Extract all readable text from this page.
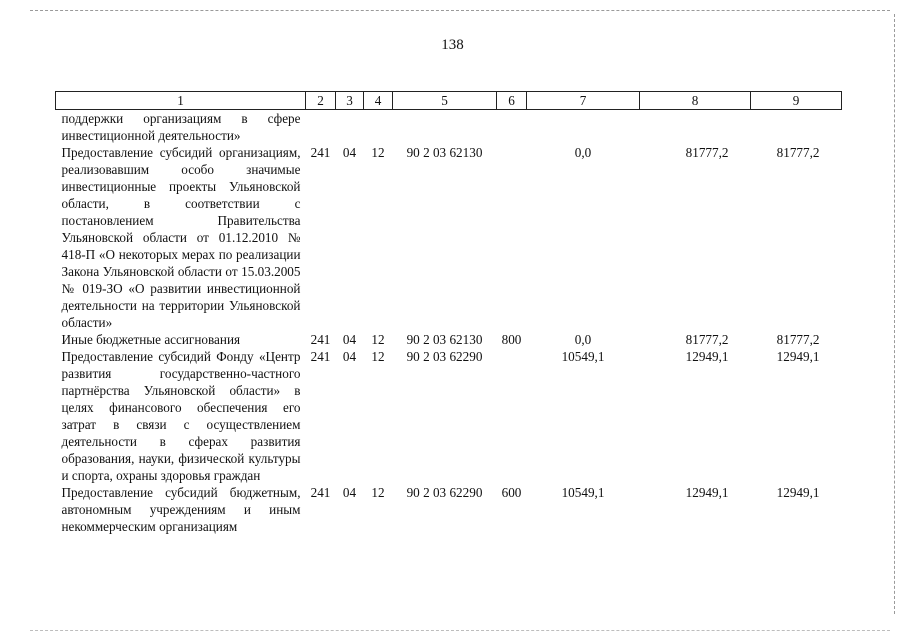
138
1	2	3	4	5	6	7	8	9
поддержки организациям в сфере инвестиционной деятельности»								
Предоставление субсидий организациям, реализовавшим особо значимые инвестиционные проекты Ульяновской области, в соответствии с постановлением Правительства Ульяновской области от 01.12.2010 № 418-П «О некоторых мерах по реализации Закона Ульяновской области от 15.03.2005 № 019-ЗО «О развитии инвестиционной деятельности на территории Ульяновской области»	241	04	12	90 2 03 62130		0,0	81777,2	81777,2
Иные бюджетные ассигнования	241	04	12	90 2 03 62130	800	0,0	81777,2	81777,2
Предоставление субсидий Фонду «Центр развития государственно-частного партнёрства Ульяновской области» в целях финансового обеспечения его затрат в связи с осуществлением деятельности в сферах развития образования, науки, физической культуры и спорта, охраны здоровья граждан	241	04	12	90 2 03 62290		10549,1	12949,1	12949,1
Предоставление субсидий бюджетным, автономным учреждениям и иным некоммерческим организациям	241	04	12	90 2 03 62290	600	10549,1	12949,1	12949,1
